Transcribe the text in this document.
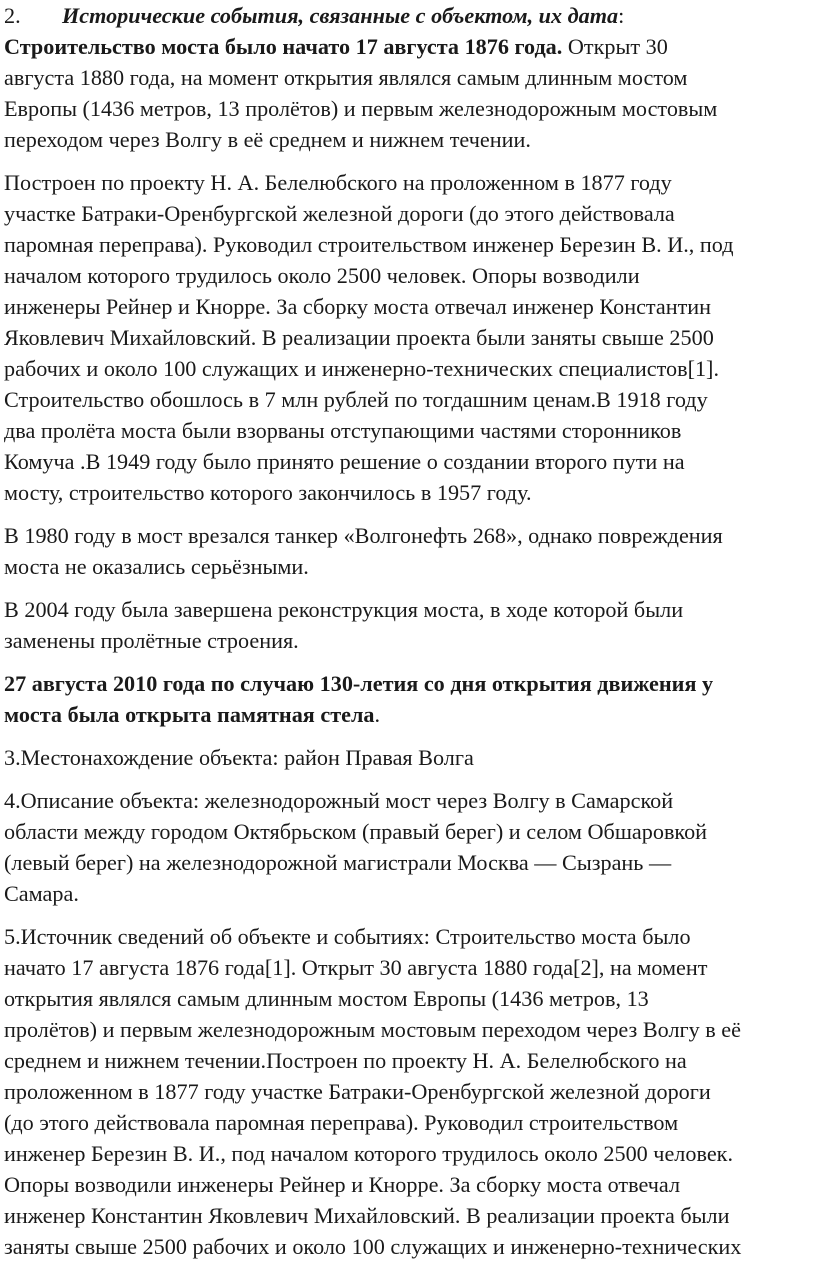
2. Исторические события, связанные с объектом, их дата:
Строительство моста было начато 17 августа 1876 года. Открыт 30
августа 1880 года, на момент открытия являлся самым длинным мостом
Европы (1436 метров, 13 пролётов) и первым железнодорожным мостовым
переходом через Волгу в её среднем и нижнем течении.

Построен по проекту Н. А. Белелюбского на проложенном в 1877 году
участке Батраки-Оренбургской железной дороги (до этого действовала
паромная переправа). Руководил строительством инженер Березин В. И., под
началом которого трудилось около 2500 человек. Опоры возводили
инженеры Рейнер и Кнорре. За сборку моста отвечал инженер Константин
Яковлевич Михайловский. В реализации проекта были заняты свыше 2500
рабочих и около 100 служащих и инженерно-технических специалистов[1].
Строительство обошлось в 7 млн рублей по тогдашним ценам.В 1918 году
два пролёта моста были взорваны отступающими частями сторонников
Комуча .В 1949 году было принято решение о создании второго пути на
мосту, строительство которого закончилось в 1957 году.

В 1980 году в мост врезался танкер «Волгонефть 268», однако повреждения
моста не оказались серьёзными.

В 2004 году была завершена реконструкция моста, в ходе которой были
заменены пролётные строения.

27 августа 2010 года по случаю 130-летия со дня открытия движения у
моста была открыта памятная стела.

3.Местонахождение объекта: район Правая Волга

4.Описание объекта: железнодорожный мост через Волгу в Самарской
области между городом Октябрьском (правый берег) и селом Обшаровкой
(левый берег) на железнодорожной магистрали Москва — Сызрань —
Самара.

5.Источник сведений об объекте и событиях: Строительство моста было
начато 17 августа 1876 года[1]. Открыт 30 августа 1880 года[2], на момент
открытия являлся самым длинным мостом Европы (1436 метров, 13
пролётов) и первым железнодорожным мостовым переходом через Волгу в её
среднем и нижнем течении.Построен по проекту Н. А. Белелюбского на
проложенном в 1877 году участке Батраки-Оренбургской железной дороги
(до этого действовала паромная переправа). Руководил строительством
инженер Березин В. И., под началом которого трудилось около 2500 человек.
Опоры возводили инженеры Рейнер и Кнорре. За сборку моста отвечал
инженер Константин Яковлевич Михайловский. В реализации проекта были
заняты свыше 2500 рабочих и около 100 служащих и инженерно-технических
